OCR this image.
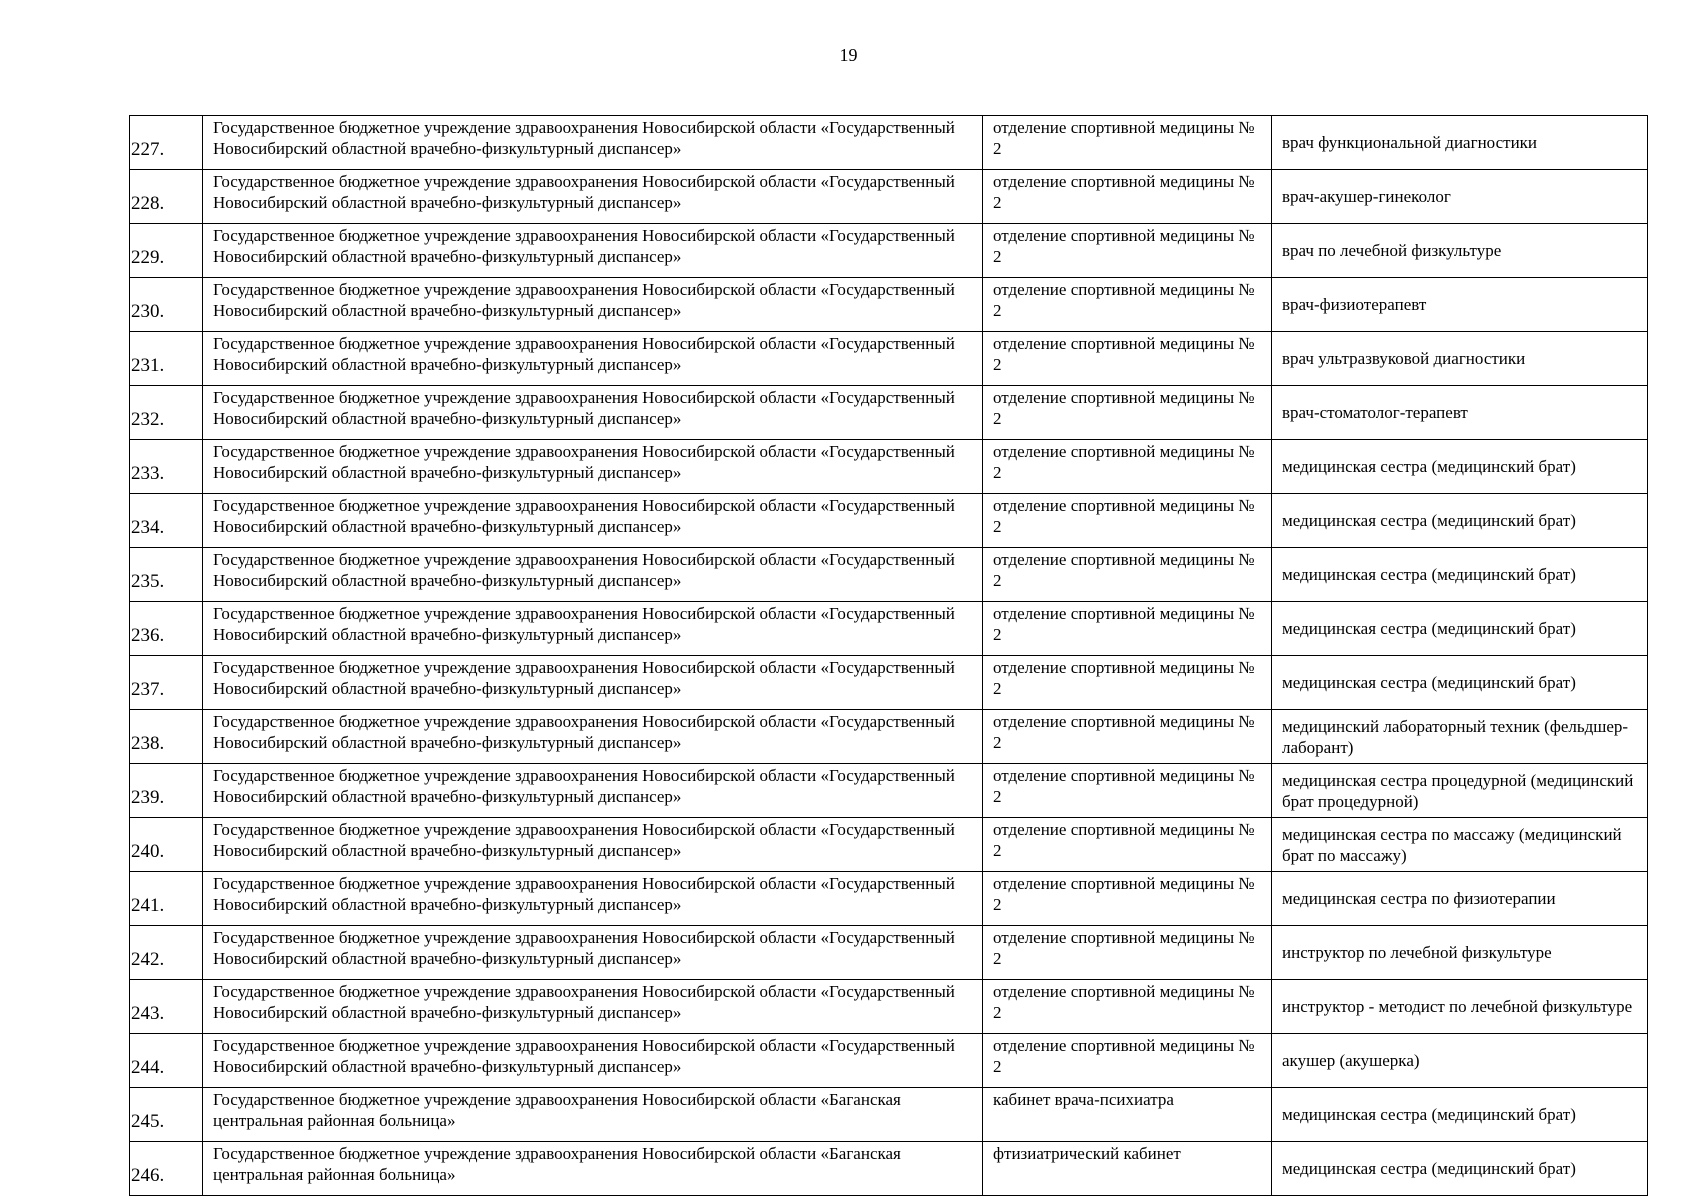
19
227.	Государственное бюджетное учреждение здравоохранения Новосибирской области «Государственный Новосибирский областной врачебно-физкультурный диспансер»	отделение спортивной медицины № 2	врач функциональной диагностики
228.	Государственное бюджетное учреждение здравоохранения Новосибирской области «Государственный Новосибирский областной врачебно-физкультурный диспансер»	отделение спортивной медицины № 2	врач-акушер-гинеколог
229.	Государственное бюджетное учреждение здравоохранения Новосибирской области «Государственный Новосибирский областной врачебно-физкультурный диспансер»	отделение спортивной медицины № 2	врач по лечебной физкультуре
230.	Государственное бюджетное учреждение здравоохранения Новосибирской области «Государственный Новосибирский областной врачебно-физкультурный диспансер»	отделение спортивной медицины № 2	врач-физиотерапевт
231.	Государственное бюджетное учреждение здравоохранения Новосибирской области «Государственный Новосибирский областной врачебно-физкультурный диспансер»	отделение спортивной медицины № 2	врач ультразвуковой диагностики
232.	Государственное бюджетное учреждение здравоохранения Новосибирской области «Государственный Новосибирский областной врачебно-физкультурный диспансер»	отделение спортивной медицины № 2	врач-стоматолог-терапевт
233.	Государственное бюджетное учреждение здравоохранения Новосибирской области «Государственный Новосибирский областной врачебно-физкультурный диспансер»	отделение спортивной медицины № 2	медицинская сестра (медицинский брат)
234.	Государственное бюджетное учреждение здравоохранения Новосибирской области «Государственный Новосибирский областной врачебно-физкультурный диспансер»	отделение спортивной медицины № 2	медицинская сестра (медицинский брат)
235.	Государственное бюджетное учреждение здравоохранения Новосибирской области «Государственный Новосибирский областной врачебно-физкультурный диспансер»	отделение спортивной медицины № 2	медицинская сестра (медицинский брат)
236.	Государственное бюджетное учреждение здравоохранения Новосибирской области «Государственный Новосибирский областной врачебно-физкультурный диспансер»	отделение спортивной медицины № 2	медицинская сестра (медицинский брат)
237.	Государственное бюджетное учреждение здравоохранения Новосибирской области «Государственный Новосибирский областной врачебно-физкультурный диспансер»	отделение спортивной медицины № 2	медицинская сестра (медицинский брат)
238.	Государственное бюджетное учреждение здравоохранения Новосибирской области «Государственный Новосибирский областной врачебно-физкультурный диспансер»	отделение спортивной медицины № 2	медицинский лабораторный техник (фельдшер-лаборант)
239.	Государственное бюджетное учреждение здравоохранения Новосибирской области «Государственный Новосибирский областной врачебно-физкультурный диспансер»	отделение спортивной медицины № 2	медицинская сестра процедурной (медицинский брат процедурной)
240.	Государственное бюджетное учреждение здравоохранения Новосибирской области «Государственный Новосибирский областной врачебно-физкультурный диспансер»	отделение спортивной медицины № 2	медицинская сестра по массажу (медицинский брат по массажу)
241.	Государственное бюджетное учреждение здравоохранения Новосибирской области «Государственный Новосибирский областной врачебно-физкультурный диспансер»	отделение спортивной медицины № 2	медицинская сестра по физиотерапии
242.	Государственное бюджетное учреждение здравоохранения Новосибирской области «Государственный Новосибирский областной врачебно-физкультурный диспансер»	отделение спортивной медицины № 2	инструктор по лечебной физкультуре
243.	Государственное бюджетное учреждение здравоохранения Новосибирской области «Государственный Новосибирский областной врачебно-физкультурный диспансер»	отделение спортивной медицины № 2	инструктор - методист по лечебной физкультуре
244.	Государственное бюджетное учреждение здравоохранения Новосибирской области «Государственный Новосибирский областной врачебно-физкультурный диспансер»	отделение спортивной медицины № 2	акушер (акушерка)
245.	Государственное бюджетное учреждение здравоохранения Новосибирской области «Баганская центральная районная больница»	кабинет врача-психиатра	медицинская сестра (медицинский брат)
246.	Государственное бюджетное учреждение здравоохранения Новосибирской области «Баганская центральная районная больница»	фтизиатрический кабинет	медицинская сестра (медицинский брат)
